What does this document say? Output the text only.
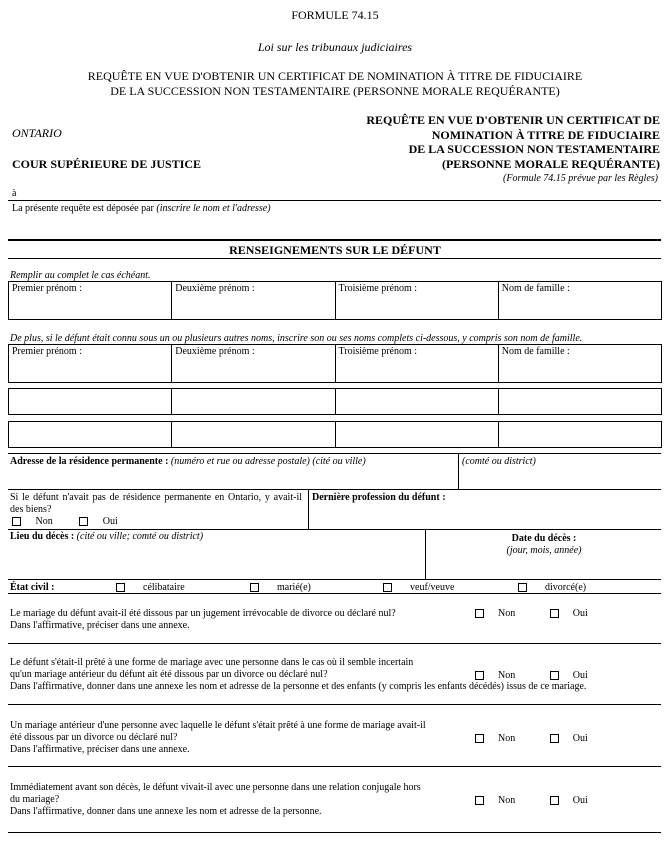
FORMULE 74.15
Loi sur les tribunaux judiciaires
REQUÊTE EN VUE D'OBTENIR UN CERTIFICAT DE NOMINATION À TITRE DE FIDUCIAIRE
DE LA SUCCESSION NON TESTAMENTAIRE (PERSONNE MORALE REQUÉRANTE)
ONTARIO
COUR SUPÉRIEURE DE JUSTICE
REQUÊTE EN VUE D'OBTENIR UN CERTIFICAT DE
NOMINATION À TITRE DE FIDUCIAIRE
DE LA SUCCESSION NON TESTAMENTAIRE
(PERSONNE MORALE REQUÉRANTE)
(Formule 74.15 prévue par les Règles)
à
La présente requête est déposée par (inscrire le nom et l'adresse)
RENSEIGNEMENTS SUR LE DÉFUNT
Remplir au complet le cas échéant.
Premier prénom :	Deuxième prénom :	Troisième prénom :	Nom de famille :
De plus, si le défunt était connu sous un ou plusieurs autres noms, inscrire son ou ses noms complets ci-dessous, y compris son nom de famille.
Premier prénom :	Deuxième prénom :	Troisième prénom :	Nom de famille :

Adresse de la résidence permanente : (numéro et rue ou adresse postale) (cité ou ville)	(comté ou district)
Si le défunt n'avait pas de résidence permanente en Ontario, y avait-il des biens?
Non	Oui
Dernière profession du défunt :
Lieu du décès : (cité ou ville; comté ou district)	Date du décès :
(jour, mois, année)
État civil :	célibataire	marié(e)	veuf/veuve	divorcé(e)
Le mariage du défunt avait-il été dissous par un jugement irrévocable de divorce ou déclaré nul?
Dans l'affirmative, préciser dans une annexe.
Non	Oui
Le défunt s'était-il prêté à une forme de mariage avec une personne dans le cas où il semble incertain
qu'un mariage antérieur du défunt ait été dissous par un divorce ou déclaré nul?
Dans l'affirmative, donner dans une annexe les nom et adresse de la personne et des enfants (y compris les enfants décédés) issus de ce mariage.
Non	Oui
Un mariage antérieur d'une personne avec laquelle le défunt s'était prêté à une forme de mariage avait-il
été dissous par un divorce ou déclaré nul?
Dans l'affirmative, préciser dans une annexe.
Non	Oui
Immédiatement avant son décès, le défunt vivait-il avec une personne dans une relation conjugale hors
du mariage?
Dans l'affirmative, donner dans une annexe les nom et adresse de la personne.
Non	Oui
